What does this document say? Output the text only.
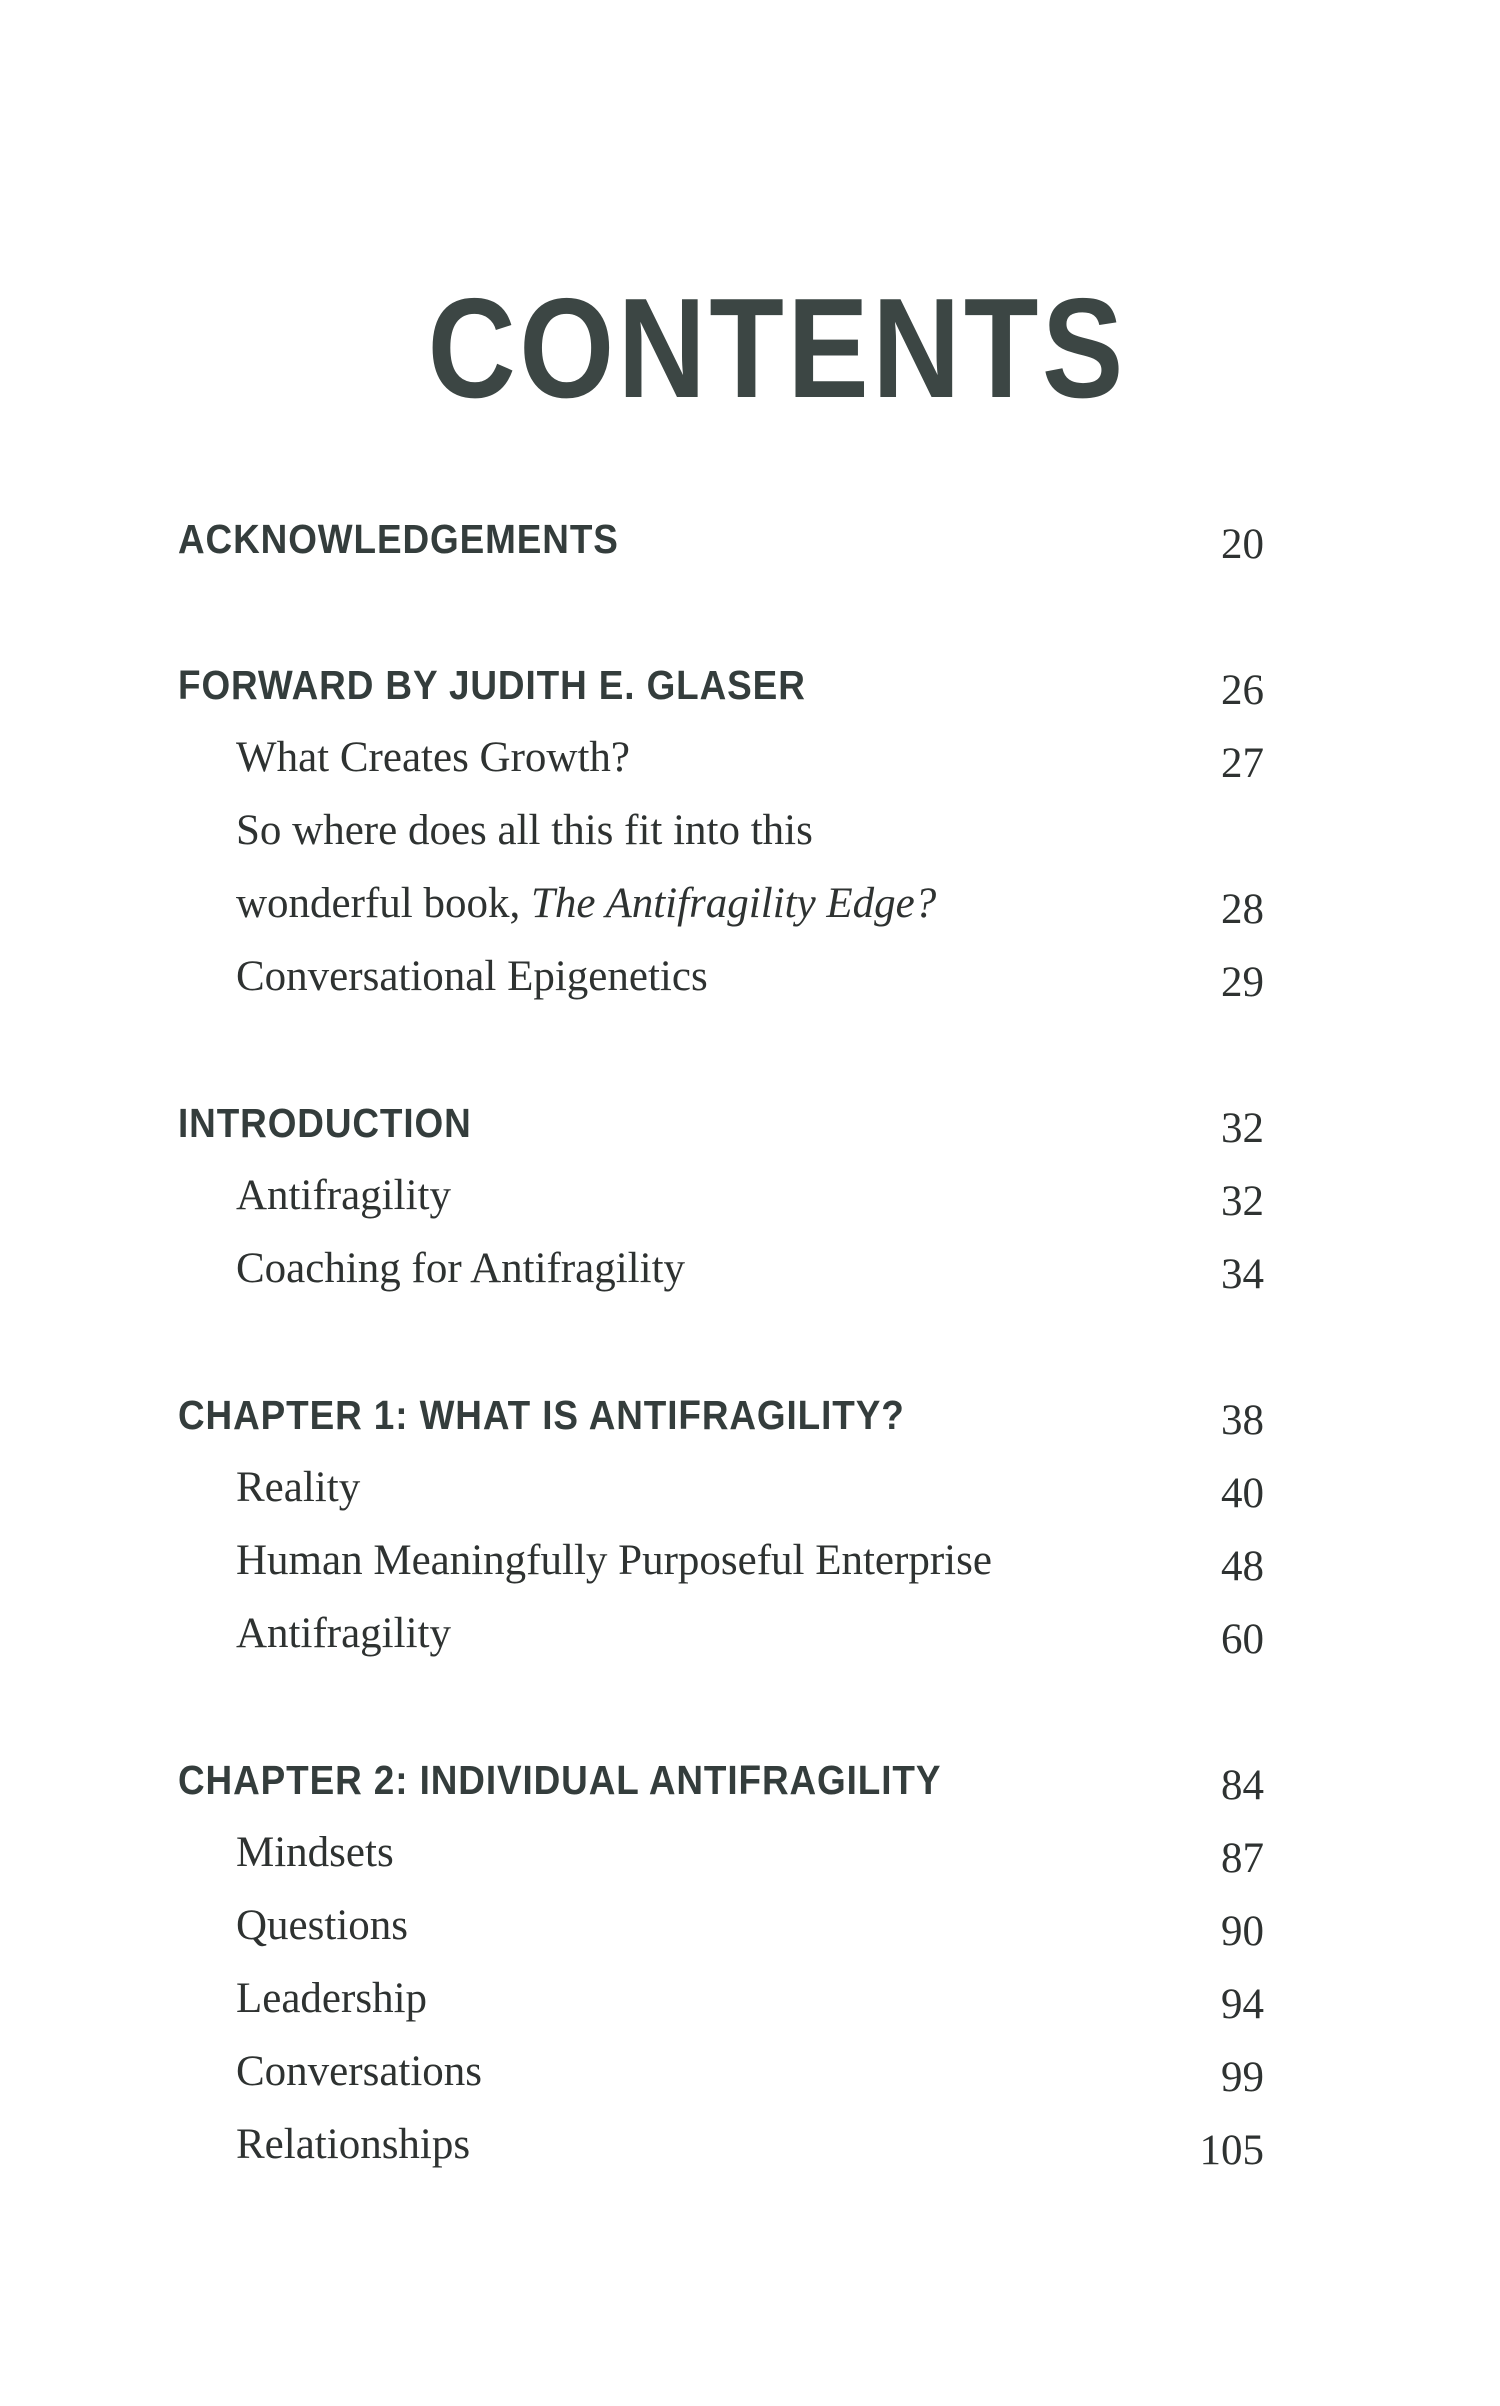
CONTENTS
ACKNOWLEDGEMENTS	20
FORWARD BY JUDITH E. GLASER	26
What Creates Growth?	27
So where does all this fit into this
wonderful book, The Antifragility Edge?	28
Conversational Epigenetics	29
INTRODUCTION	32
Antifragility	32
Coaching for Antifragility	34
CHAPTER 1: WHAT IS ANTIFRAGILITY?	38
Reality	40
Human Meaningfully Purposeful Enterprise	48
Antifragility	60
CHAPTER 2: INDIVIDUAL ANTIFRAGILITY	84
Mindsets	87
Questions	90
Leadership	94
Conversations	99
Relationships	105
